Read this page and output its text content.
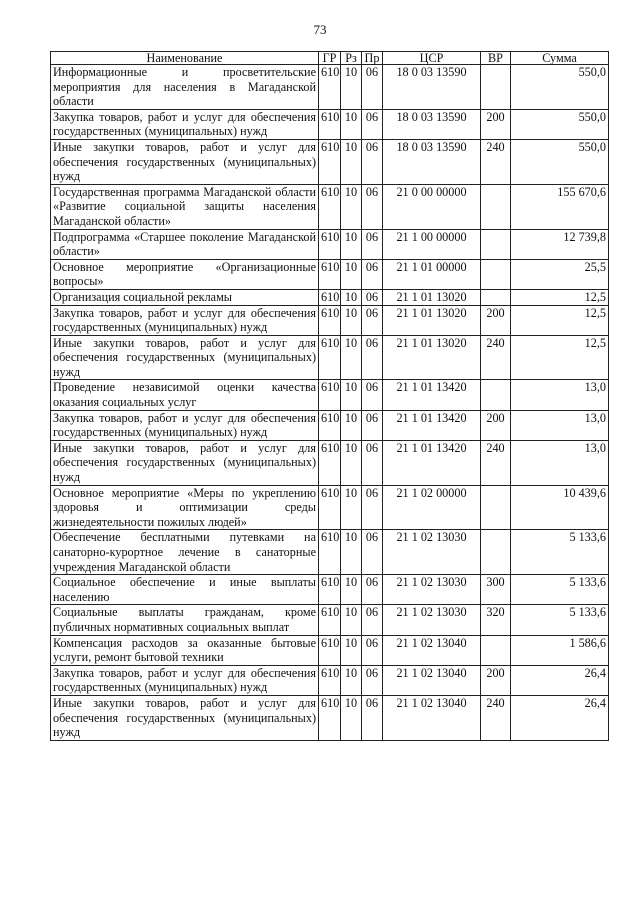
73
Наименование	ГР	Рз	Пр	ЦСР	ВР	Сумма
Информационные и просветительские мероприятия для населения в Магаданской области	610	10	06	18 0 03 13590		550,0
Закупка товаров, работ и услуг для обеспечения государственных (муниципальных) нужд	610	10	06	18 0 03 13590	200	550,0
Иные закупки товаров, работ и услуг для обеспечения государственных (муниципальных) нужд	610	10	06	18 0 03 13590	240	550,0
Государственная программа Магаданской области «Развитие социальной защиты населения Магаданской области»	610	10	06	21 0 00 00000		155 670,6
Подпрограмма «Старшее поколение Магаданской области»	610	10	06	21 1 00 00000		12 739,8
Основное мероприятие «Организационные вопросы»	610	10	06	21 1 01 00000		25,5
Организация социальной рекламы	610	10	06	21 1 01 13020		12,5
Закупка товаров, работ и услуг для обеспечения государственных (муниципальных) нужд	610	10	06	21 1 01 13020	200	12,5
Иные закупки товаров, работ и услуг для обеспечения государственных (муниципальных) нужд	610	10	06	21 1 01 13020	240	12,5
Проведение независимой оценки качества оказания социальных услуг	610	10	06	21 1 01 13420		13,0
Закупка товаров, работ и услуг для обеспечения государственных (муниципальных) нужд	610	10	06	21 1 01 13420	200	13,0
Иные закупки товаров, работ и услуг для обеспечения государственных (муниципальных) нужд	610	10	06	21 1 01 13420	240	13,0
Основное мероприятие «Меры по укреплению здоровья и оптимизации среды жизнедеятельности пожилых людей»	610	10	06	21 1 02 00000		10 439,6
Обеспечение бесплатными путевками на санаторно-курортное лечение в санаторные учреждения Магаданской области	610	10	06	21 1 02 13030		5 133,6
Социальное обеспечение и иные выплаты населению	610	10	06	21 1 02 13030	300	5 133,6
Социальные выплаты гражданам, кроме публичных нормативных социальных выплат	610	10	06	21 1 02 13030	320	5 133,6
Компенсация расходов за оказанные бытовые услуги, ремонт бытовой техники	610	10	06	21 1 02 13040		1 586,6
Закупка товаров, работ и услуг для обеспечения государственных (муниципальных) нужд	610	10	06	21 1 02 13040	200	26,4
Иные закупки товаров, работ и услуг для обеспечения государственных (муниципальных) нужд	610	10	06	21 1 02 13040	240	26,4
